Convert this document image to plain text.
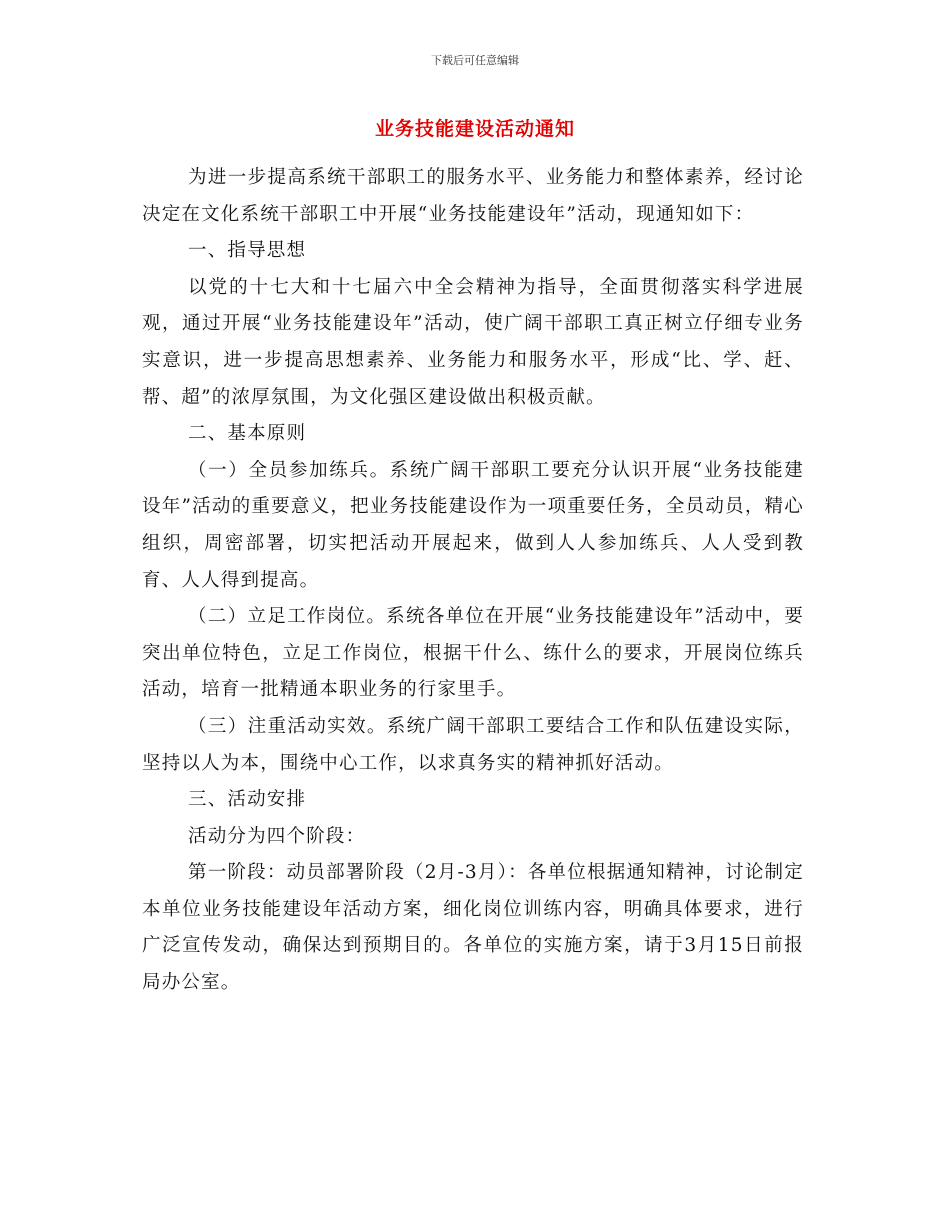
下载后可任意编辑
业务技能建设活动通知

为进一步提高系统干部职工的服务水平、业务能力和整体素养，经讨论决定在文化系统干部职工中开展“业务技能建设年”活动，现通知如下：

一、指导思想

以党的十七大和十七届六中全会精神为指导，全面贯彻落实科学进展观，通过开展“业务技能建设年”活动，使广阔干部职工真正树立仔细专业务实意识，进一步提高思想素养、业务能力和服务水平，形成“比、学、赶、帮、超”的浓厚氛围，为文化强区建设做出积极贡献。

二、基本原则

（一）全员参加练兵。系统广阔干部职工要充分认识开展“业务技能建设年”活动的重要意义，把业务技能建设作为一项重要任务，全员动员，精心组织，周密部署，切实把活动开展起来，做到人人参加练兵、人人受到教育、人人得到提高。

（二）立足工作岗位。系统各单位在开展“业务技能建设年”活动中，要突出单位特色，立足工作岗位，根据干什么、练什么的要求，开展岗位练兵活动，培育一批精通本职业务的行家里手。

（三）注重活动实效。系统广阔干部职工要结合工作和队伍建设实际，坚持以人为本，围绕中心工作，以求真务实的精神抓好活动。

三、活动安排

活动分为四个阶段：

第一阶段：动员部署阶段（2月-3月）：各单位根据通知精神，讨论制定本单位业务技能建设年活动方案，细化岗位训练内容，明确具体要求，进行广泛宣传发动，确保达到预期目的。各单位的实施方案，请于3月15日前报局办公室。
